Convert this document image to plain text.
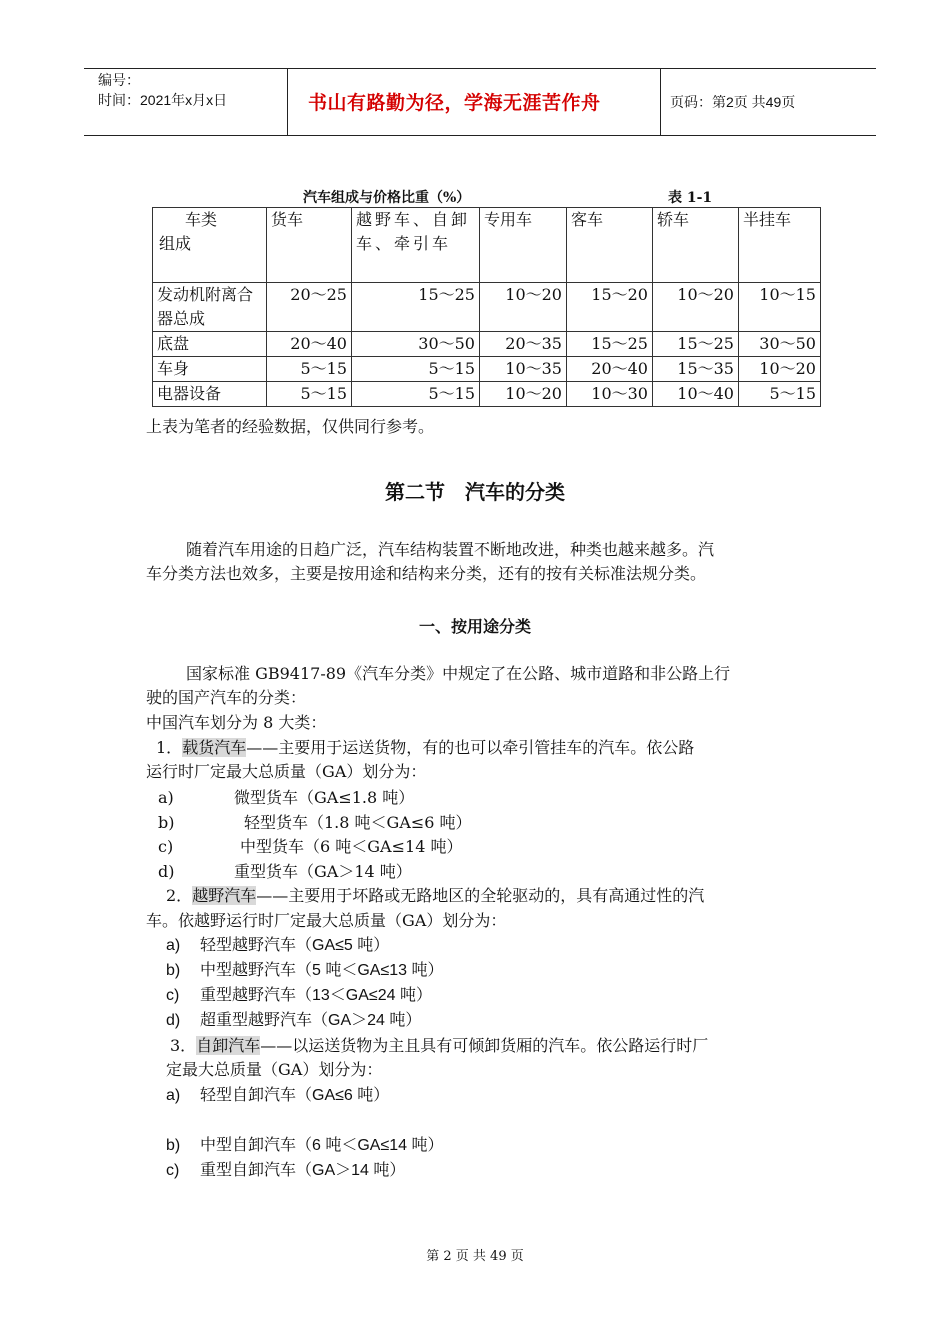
编号：
时间：2021年x月x日	书山有路勤为径，学海无涯苦作舟	页码：第2页 共49页
汽车组成与价格比重（%）	表 1-1
车类
组成	货车	越野车、自卸车、牵引车	专用车	客车	轿车	半挂车
发动机附离合器总成	20～25	15～25	10～20	15～20	10～20	10～15
底盘	20～40	30～50	20～35	15～25	15～25	30～50
车身	5～15	5～15	10～35	20～40	15～35	10～20
电器设备	5～15	5～15	10～20	10～30	10～40	5～15
上表为笔者的经验数据，仅供同行参考。
第二节　汽车的分类
随着汽车用途的日趋广泛，汽车结构装置不断地改进，种类也越来越多。汽
车分类方法也效多，主要是按用途和结构来分类，还有的按有关标准法规分类。
一、按用途分类
国家标准 GB9417-89《汽车分类》中规定了在公路、城市道路和非公路上行
驶的国产汽车的分类：
中国汽车划分为 8 大类：
1．载货汽车——主要用于运送货物，有的也可以牵引管挂车的汽车。依公路
运行时厂定最大总质量（GA）划分为：
a)	微型货车（GA≤1.8 吨）
b)	轻型货车（1.8 吨＜GA≤6 吨）
c)	中型货车（6 吨＜GA≤14 吨）
d)	重型货车（GA＞14 吨）
2．越野汽车——主要用于坏路或无路地区的全轮驱动的，具有高通过性的汽
车。依越野运行时厂定最大总质量（GA）划分为：
a) 轻型越野汽车（GA≤5 吨）
b) 中型越野汽车（5 吨＜GA≤13 吨）
c) 重型越野汽车（13＜GA≤24 吨）
d) 超重型越野汽车（GA＞24 吨）
3．自卸汽车——以运送货物为主且具有可倾卸货厢的汽车。依公路运行时厂
定最大总质量（GA）划分为：
a) 轻型自卸汽车（GA≤6 吨）
b) 中型自卸汽车（6 吨＜GA≤14 吨）
c) 重型自卸汽车（GA＞14 吨）
第 2 页 共 49 页
